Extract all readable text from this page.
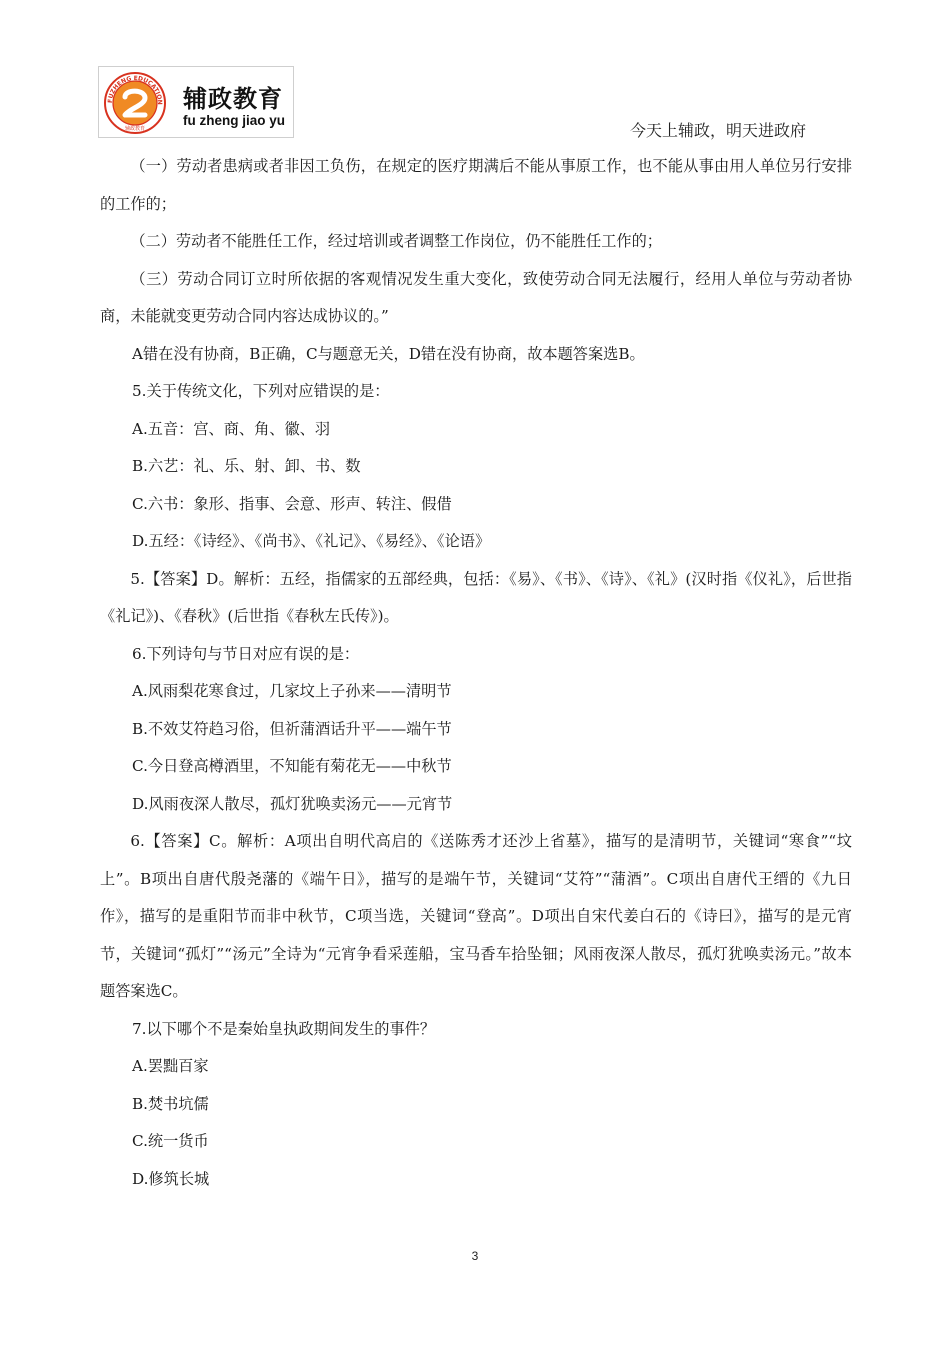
FUZHENG EDUCATION
辅政教育
辅政教育
fu zheng jiao yu
今天上辅政，明天进政府

（一）劳动者患病或者非因工负伤，在规定的医疗期满后不能从事原工作，也不能从事由用人单位另行安排的工作的；

（二）劳动者不能胜任工作，经过培训或者调整工作岗位，仍不能胜任工作的；

（三）劳动合同订立时所依据的客观情况发生重大变化，致使劳动合同无法履行，经用人单位与劳动者协商，未能就变更劳动合同内容达成协议的。”

A错在没有协商，B正确，C与题意无关，D错在没有协商，故本题答案选B。

5.关于传统文化，下列对应错误的是：

A.五音：宫、商、角、徽、羽

B.六艺：礼、乐、射、卸、书、数

C.六书：象形、指事、会意、形声、转注、假借

D.五经：《诗经》、《尚书》、《礼记》、《易经》、《论语》

5.【答案】D。解析：五经，指儒家的五部经典，包括：《易》、《书》、《诗》、《礼》(汉时指《仪礼》，后世指《礼记》)、《春秋》(后世指《春秋左氏传》)。

6.下列诗句与节日对应有误的是：

A.风雨梨花寒食过，几家坟上子孙来——清明节

B.不效艾符趋习俗，但祈蒲酒话升平——端午节

C.今日登高樽酒里，不知能有菊花无——中秋节

D.风雨夜深人散尽，孤灯犹唤卖汤元——元宵节

6.【答案】C。解析：A项出自明代高启的《送陈秀才还沙上省墓》，描写的是清明节，关键词“寒食”“坟上”。B项出自唐代殷尧藩的《端午日》，描写的是端午节，关键词“艾符”“蒲酒”。C项出自唐代王缙的《九日作》，描写的是重阳节而非中秋节，C项当选，关键词“登高”。D项出自宋代姜白石的《诗曰》，描写的是元宵节，关键词“孤灯”“汤元”全诗为“元宵争看采莲船，宝马香车拾坠钿；风雨夜深人散尽，孤灯犹唤卖汤元。”故本题答案选C。

7.以下哪个不是秦始皇执政期间发生的事件？

A.罢黜百家

B.焚书坑儒

C.统一货币

D.修筑长城

3
